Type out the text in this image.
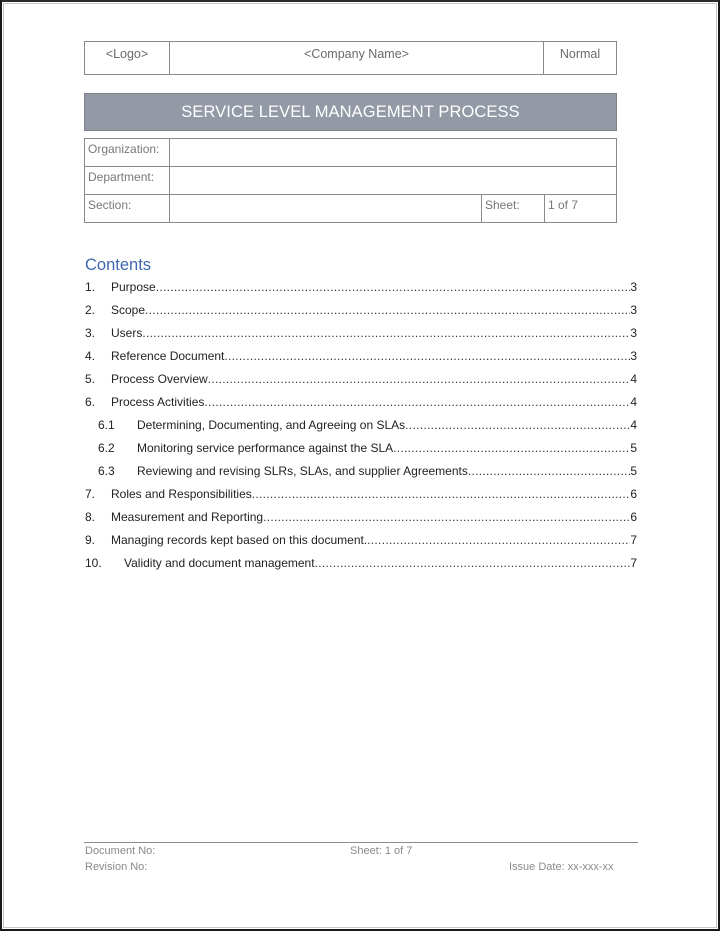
<Logo>	<Company Name>	Normal
SERVICE LEVEL MANAGEMENT PROCESS
Organization:			
Department:			
Section:		Sheet:	1 of 7
Contents
1.	Purpose .....	3
2.	Scope .....	3
3.	Users .....	3
4.	Reference Document .....	3
5.	Process Overview .....	4
6.	Process Activities .....	4
6.1	Determining, Documenting, and Agreeing on SLAs .....	4
6.2	Monitoring service performance against the SLA .....	5
6.3	Reviewing and revising SLRs, SLAs, and supplier Agreements .....	5
7.	Roles and Responsibilities .....	6
8.	Measurement and Reporting .....	6
9.	Managing records kept based on this document. .....	7
10.	Validity and document management .....	7
Document No:
Revision No:
Sheet: 1 of 7
Issue Date: xx-xxx-xx
